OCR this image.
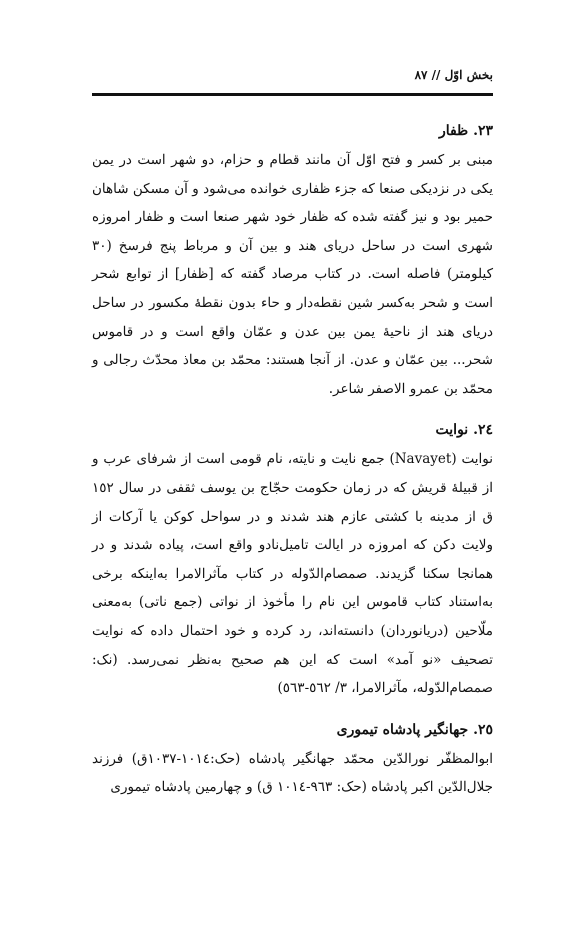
بخش اوّل // ٨٧
٢٣. ظفار

مبنی بر کسر و فتح اوّل آن مانند قطام و حزام، دو شهر است در یمن یکی در نزدیکی صنعا که جزء ظفاری خوانده می‌شود و آن مسکن شاهان حمیر بود و نیز گفته شده که ظفار خود شهر صنعا است و ظفار امروزه شهری است در ساحل دریای هند و بین آن و مرباط پنج فرسخ (٣٠ کیلومتر) فاصله است. در کتاب مرصاد گفته که [ظفار] از توابع شحر است و شحر به‌کسر شین نقطه‌دار و حاء بدون نقطهٔ مکسور در ساحل دریای هند از ناحیهٔ یمن بین عدن و عمّان واقع است و در قاموس شحر... بین عمّان و عدن. از آنجا هستند: محمّد بن معاذ محدّث رجالی و محمّد بن عمرو الاصفر شاعر.

٢٤. نوایت

نوایت (Navayet) جمع نایت و نایته، نام قومی است از شرفای عرب و از قبیلهٔ قریش که در زمان حکومت حجّاج بن یوسف ثقفی در سال ١٥٢ ق از مدینه با کشتی عازم هند شدند و در سواحل کوکن یا آرکات از ولایت دکن که امروزه در ایالت تامیل‌نادو واقع است، پیاده شدند و در همانجا سکنا گزیدند. صمصام‌الدّوله در کتاب مآثرالامرا به‌اینکه برخی به‌استناد کتاب قاموس این نام را مأخوذ از نواتی (جمع ناتی) به‌معنی ملّاحین (دریانوردان) دانسته‌اند، رد کرده و خود احتمال داده که نوایت تصحیف «نو آمد» است که این هم صحیح به‌نظر نمی‌رسد. (نک: صمصام‌الدّوله، مآثرالامرا، ٣/ ٥٦٢-٥٦٣)

٢٥. جهانگیر پادشاه تیموری

ابوالمظفّر نورالدّین محمّد جهانگیر پادشاه (حک:١٠١٤-١٠٣٧ق) فرزند جلال‌الدّین اکبر پادشاه (حک: ٩٦٣-١٠١٤ ق) و چهارمین پادشاه تیموری
